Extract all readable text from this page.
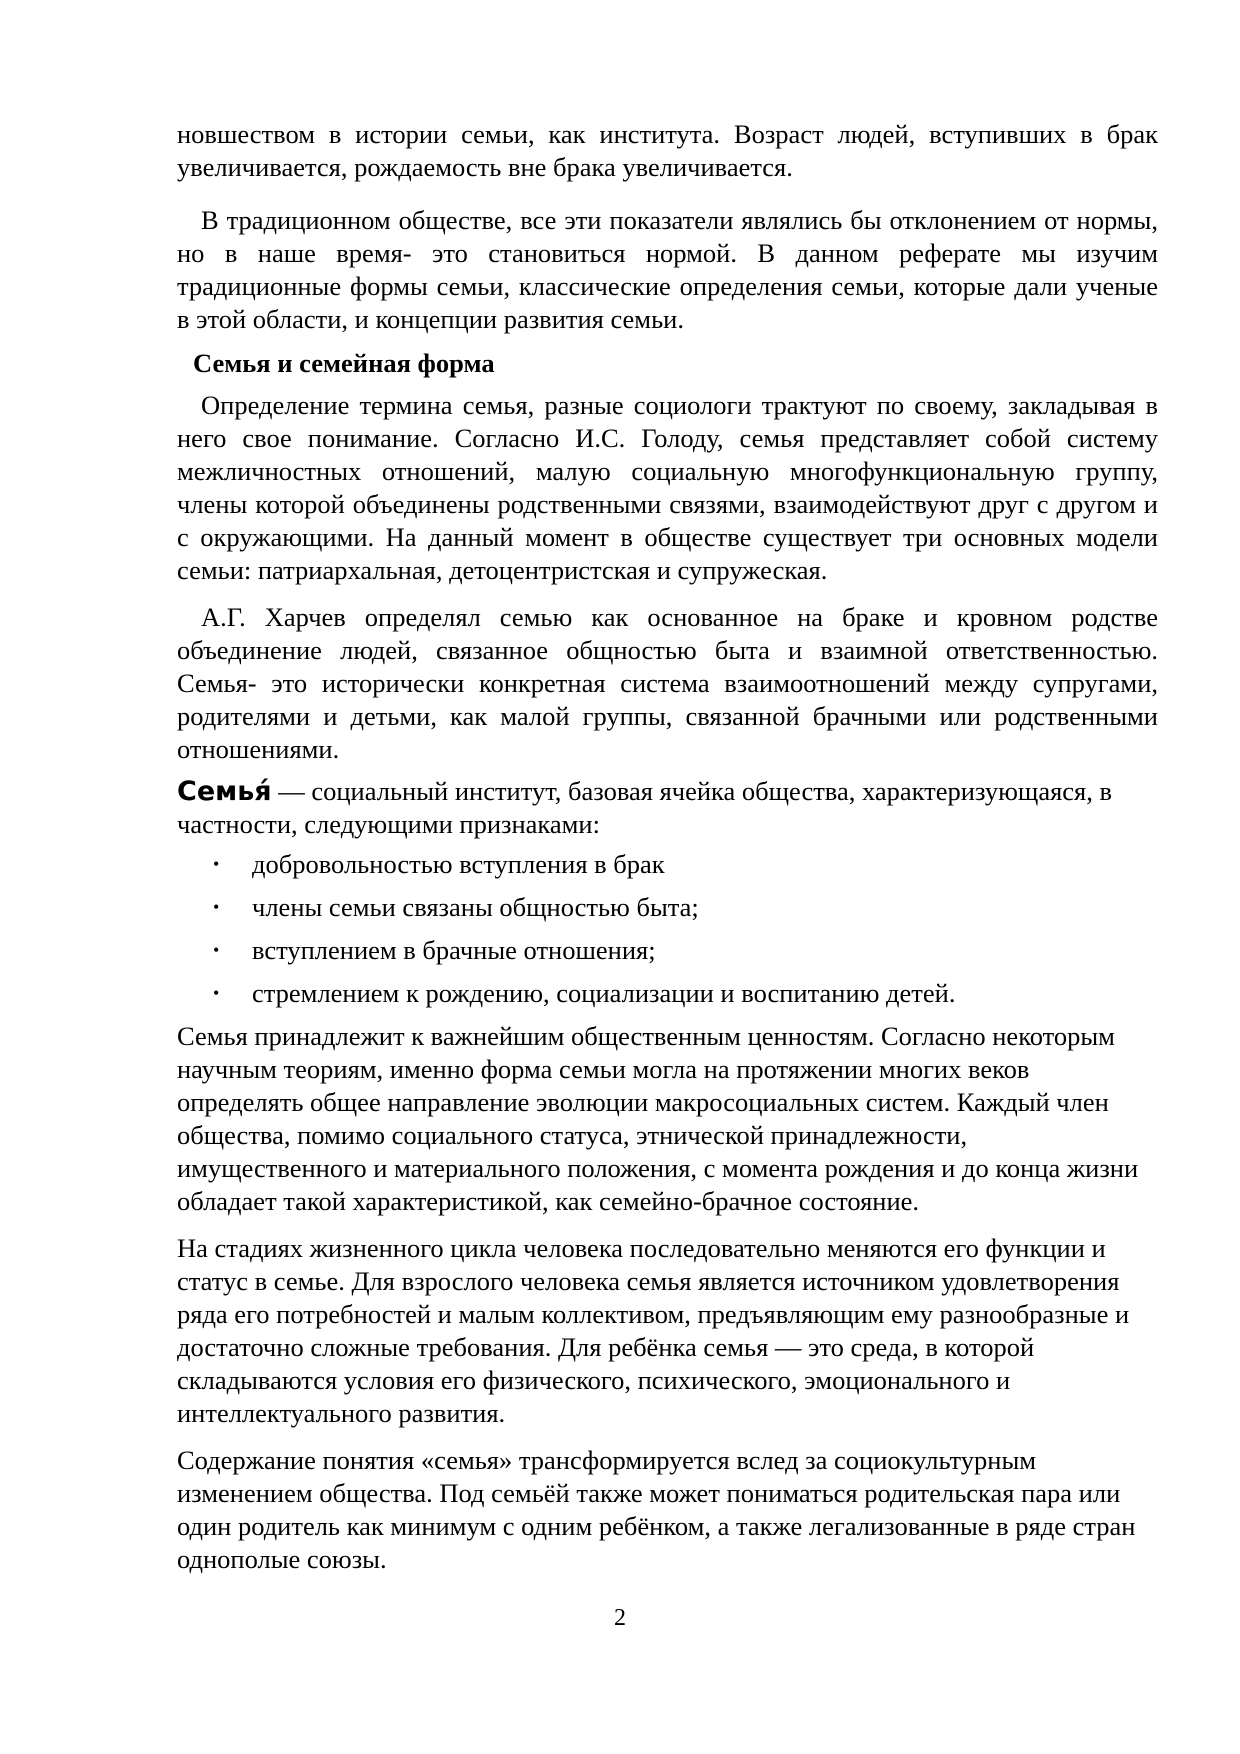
новшеством в истории семьи, как института. Возраст людей, вступивших в брак увеличивается, рождаемость вне брака увеличивается.

В традиционном обществе, все эти показатели являлись бы отклонением от нормы, но в наше время- это становиться нормой. В данном реферате мы изучим традиционные формы семьи, классические определения семьи, которые дали ученые в этой области, и концепции развития семьи.

Семья и семейная форма

Определение термина семья, разные социологи трактуют по своему, закладывая в него свое понимание. Согласно И.С. Голоду, семья представляет собой систему межличностных отношений, малую социальную многофункциональную группу, члены которой объединены родственными связями, взаимодействуют друг с другом и с окружающими. На данный момент в обществе существует три основных модели семьи: патриархальная, детоцентристская и супружеская.

А.Г. Харчев определял семью как основанное на браке и кровном родстве объединение людей, связанное общностью быта и взаимной ответственностью. Семья- это исторически конкретная система взаимоотношений между супругами, родителями и детьми, как малой группы, связанной брачными или родственными отношениями.

Семья́ — социальный институт, базовая ячейка общества, характеризующаяся, в частности, следующими признаками:

• добровольностью вступления в брак
• члены семьи связаны общностью быта;
• вступлением в брачные отношения;
• стремлением к рождению, социализации и воспитанию детей.

Семья принадлежит к важнейшим общественным ценностям. Согласно некоторым научным теориям, именно форма семьи могла на протяжении многих веков определять общее направление эволюции макросоциальных систем. Каждый член общества, помимо социального статуса, этнической принадлежности, имущественного и материального положения, с момента рождения и до конца жизни обладает такой характеристикой, как семейно-брачное состояние.

На стадиях жизненного цикла человека последовательно меняются его функции и статус в семье. Для взрослого человека семья является источником удовлетворения ряда его потребностей и малым коллективом, предъявляющим ему разнообразные и достаточно сложные требования. Для ребёнка семья — это среда, в которой складываются условия его физического, психического, эмоционального и интеллектуального развития.

Содержание понятия «семья» трансформируется вслед за социокультурным изменением общества. Под семьёй также может пониматься родительская пара или один родитель как минимум с одним ребёнком, а также легализованные в ряде стран однополые союзы.

2
